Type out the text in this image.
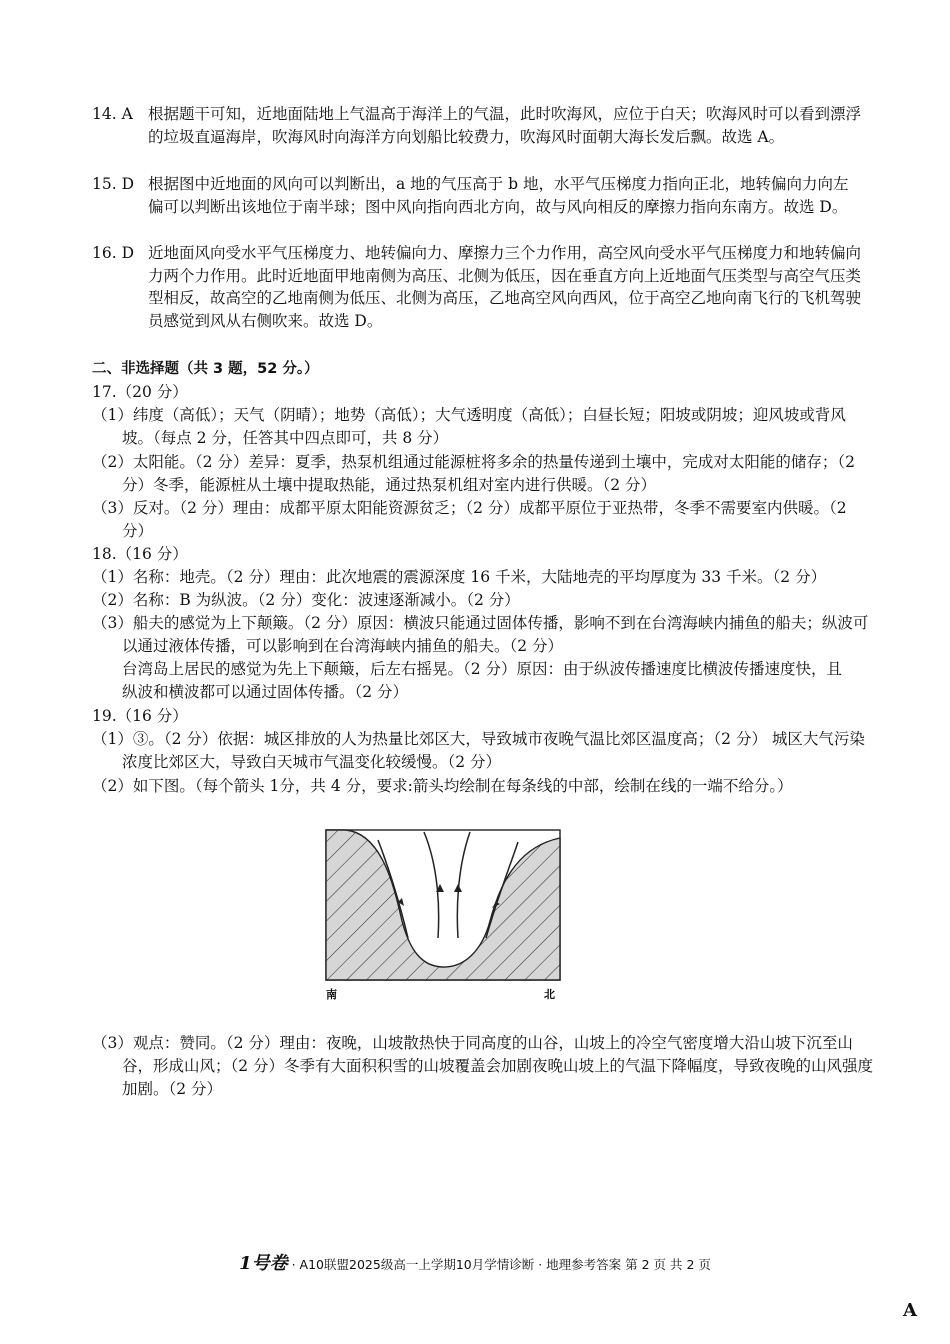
14. A 根据题干可知，近地面陆地上气温高于海洋上的气温，此时吹海风，应位于白天；吹海风时可以看到漂浮的垃圾直逼海岸，吹海风时向海洋方向划船比较费力，吹海风时面朝大海长发后飘。故选 A。
15. D 根据图中近地面的风向可以判断出，a 地的气压高于 b 地，水平气压梯度力指向正北，地转偏向力向左偏可以判断出该地位于南半球；图中风向指向西北方向，故与风向相反的摩擦力指向东南方。故选 D。
16. D 近地面风向受水平气压梯度力、地转偏向力、摩擦力三个力作用，高空风向受水平气压梯度力和地转偏向力两个力作用。此时近地面甲地南侧为高压、北侧为低压，因在垂直方向上近地面气压类型与高空气压类型相反，故高空的乙地南侧为低压、北侧为高压，乙地高空风向西风，位于高空乙地向南飞行的飞机驾驶员感觉到风从右侧吹来。故选 D。
二、非选择题（共 3 题，52 分。）
17.（20 分）
（1）纬度（高低）；天气（阴晴）；地势（高低）；大气透明度（高低）；白昼长短；阳坡或阴坡；迎风坡或背风坡。（每点 2 分，任答其中四点即可，共 8 分）
（2）太阳能。（2 分）差异：夏季，热泵机组通过能源桩将多余的热量传递到土壤中，完成对太阳能的储存；（2 分）冬季，能源桩从土壤中提取热能，通过热泵机组对室内进行供暖。（2 分）
（3）反对。（2 分）理由：成都平原太阳能资源贫乏；（2 分）成都平原位于亚热带，冬季不需要室内供暖。（2 分）
18.（16 分）
（1）名称：地壳。（2 分）理由：此次地震的震源深度 16 千米，大陆地壳的平均厚度为 33 千米。（2 分）
（2）名称：B 为纵波。（2 分）变化：波速逐渐减小。（2 分）
（3）船夫的感觉为上下颠簸。（2 分）原因：横波只能通过固体传播，影响不到在台湾海峡内捕鱼的船夫；纵波可以通过液体传播，可以影响到在台湾海峡内捕鱼的船夫。（2 分）
台湾岛上居民的感觉为先上下颠簸，后左右摇晃。（2 分）原因：由于纵波传播速度比横波传播速度快，且纵波和横波都可以通过固体传播。（2 分）
19.（16 分）
（1）③。（2 分）依据：城区排放的人为热量比郊区大，导致城市夜晚气温比郊区温度高；（2 分） 城区大气污染浓度比郊区大，导致白天城市气温变化较缓慢。（2 分）
（2）如下图。（每个箭头 1分，共 4 分，要求:箭头均绘制在每条线的中部，绘制在线的一端不给分。）
南	北
（3）观点：赞同。（2 分）理由：夜晚，山坡散热快于同高度的山谷，山坡上的冷空气密度增大沿山坡下沉至山谷，形成山风；（2 分）冬季有大面积积雪的山坡覆盖会加剧夜晚山坡上的气温下降幅度，导致夜晚的山风强度加剧。（2 分）
1号卷 · A10联盟2025级高一上学期10月学情诊断 · 地理参考答案 第 2 页 共 2 页
A
